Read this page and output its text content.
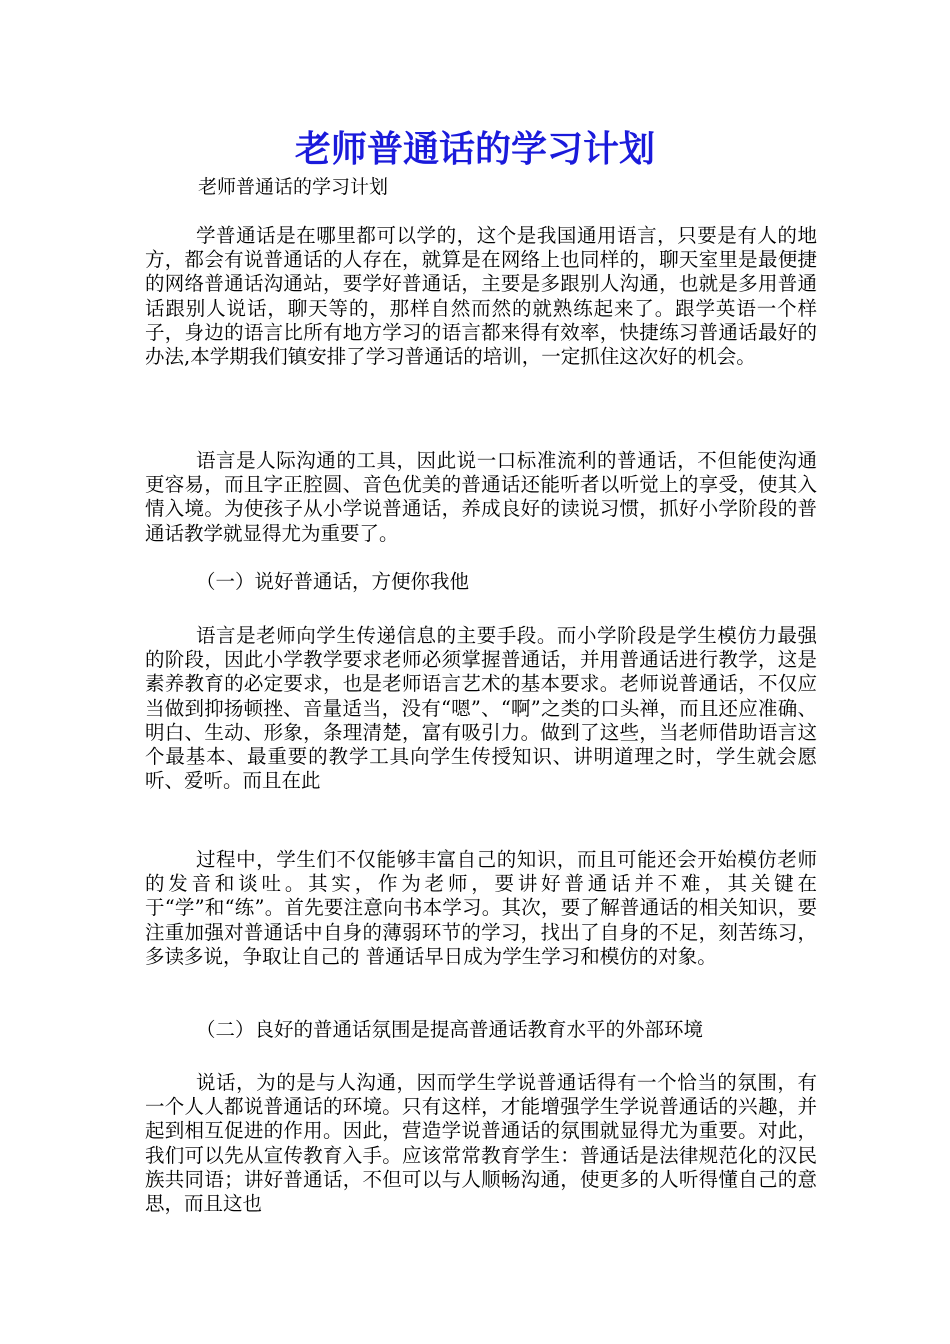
老师普通话的学习计划

老师普通话的学习计划

学普通话是在哪里都可以学的，这个是我国通用语言，只要是有人的地方，都会有说普通话的人存在，就算是在网络上也同样的，聊天室里是最便捷的网络普通话沟通站，要学好普通话，主要是多跟别人沟通，也就是多用普通话跟别人说话，聊天等的，那样自然而然的就熟练起来了。跟学英语一个样子，身边的语言比所有地方学习的语言都来得有效率，快捷练习普通话最好的办法,本学期我们镇安排了学习普通话的培训，一定抓住这次好的机会。

语言是人际沟通的工具，因此说一口标准流利的普通话，不但能使沟通更容易，而且字正腔圆、音色优美的普通话还能听者以听觉上的享受，使其入情入境。为使孩子从小学说普通话，养成良好的读说习惯，抓好小学阶段的普通话教学就显得尤为重要了。

（一）说好普通话，方便你我他

语言是老师向学生传递信息的主要手段。而小学阶段是学生模仿力最强的阶段，因此小学教学要求老师必须掌握普通话，并用普通话进行教学，这是素养教育的必定要求，也是老师语言艺术的基本要求。老师说普通话，不仅应当做到抑扬顿挫、音量适当，没有“嗯”、“啊”之类的口头禅，而且还应准确、明白、生动、形象，条理清楚，富有吸引力。做到了这些，当老师借助语言这个最基本、最重要的教学工具向学生传授知识、讲明道理之时，学生就会愿听、爱听。而且在此

过程中，学生们不仅能够丰富自己的知识，而且可能还会开始模仿老师的发音和谈吐。其实，作为老师，要讲好普通话并不难，其关键在于“学”和“练”。首先要注意向书本学习。其次，要了解普通话的相关知识，要注重加强对普通话中自身的薄弱环节的学习，找出了自身的不足，刻苦练习，多读多说，争取让自己的 普通话早日成为学生学习和模仿的对象。

（二）良好的普通话氛围是提高普通话教育水平的外部环境

说话，为的是与人沟通，因而学生学说普通话得有一个恰当的氛围，有一个人人都说普通话的环境。只有这样，才能增强学生学说普通话的兴趣，并起到相互促进的作用。因此，营造学说普通话的氛围就显得尤为重要。对此，我们可以先从宣传教育入手。应该常常教育学生：普通话是法律规范化的汉民族共同语；讲好普通话，不但可以与人顺畅沟通，使更多的人听得懂自己的意思，而且这也
